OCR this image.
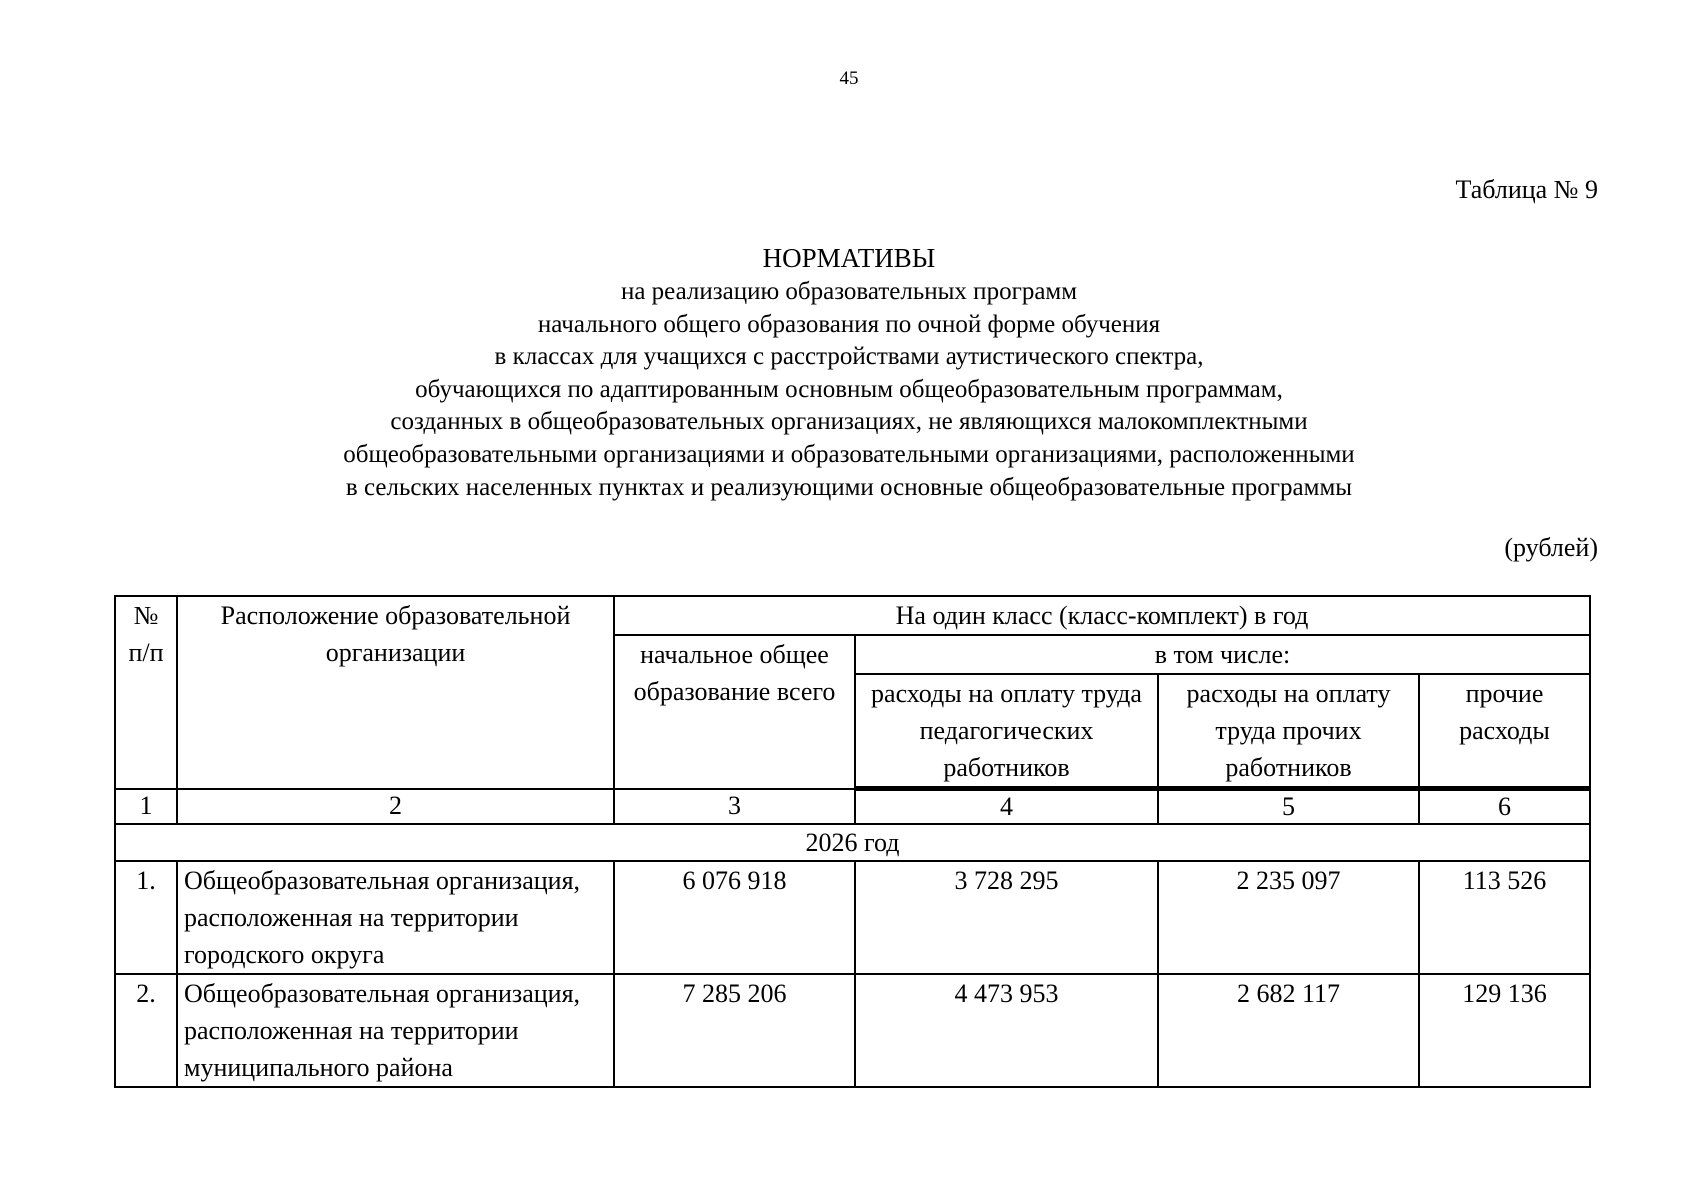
45
Таблица № 9
НОРМАТИВЫ
на реализацию образовательных программ
начального общего образования по очной форме обучения
в классах для учащихся с расстройствами аутистического спектра,
обучающихся по адаптированным основным общеобразовательным программам,
созданных в общеобразовательных организациях, не являющихся малокомплектными
общеобразовательными организациями и образовательными организациями, расположенными
в сельских населенных пунктах и реализующими основные общеобразовательные программы
(рублей)
№ п/п	Расположение образовательной организации	На один класс (класс-комплект) в год			
		начальное общее образование всего	в том числе:		
			расходы на оплату труда педагогических работников	расходы на оплату труда прочих работников	прочие расходы
1	2	3	4	5	6
2026 год					
1.	Общеобразовательная организация, расположенная на территории городского округа	6 076 918	3 728 295	2 235 097	113 526
2.	Общеобразовательная организация, расположенная на территории муниципального района	7 285 206	4 473 953	2 682 117	129 136
